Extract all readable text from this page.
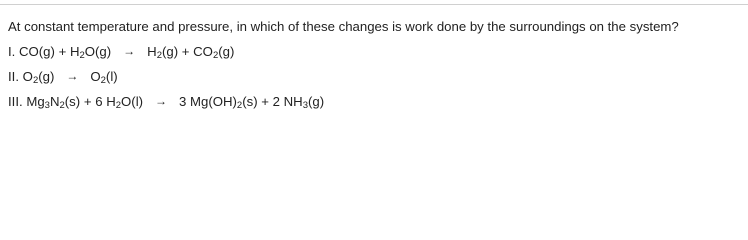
At constant temperature and pressure, in which of these changes is work done by the surroundings on the system?

I. $CO(g) + H_2O(g) \to H_2(g) + CO_2(g)$

II. $O_2(g) \to O_2(l)$

III. $Mg_3N_2(s) + 6$ $H_2O(l) \to 3$ $Mg(OH)_2(s) + 2$ $NH_3(g)$
